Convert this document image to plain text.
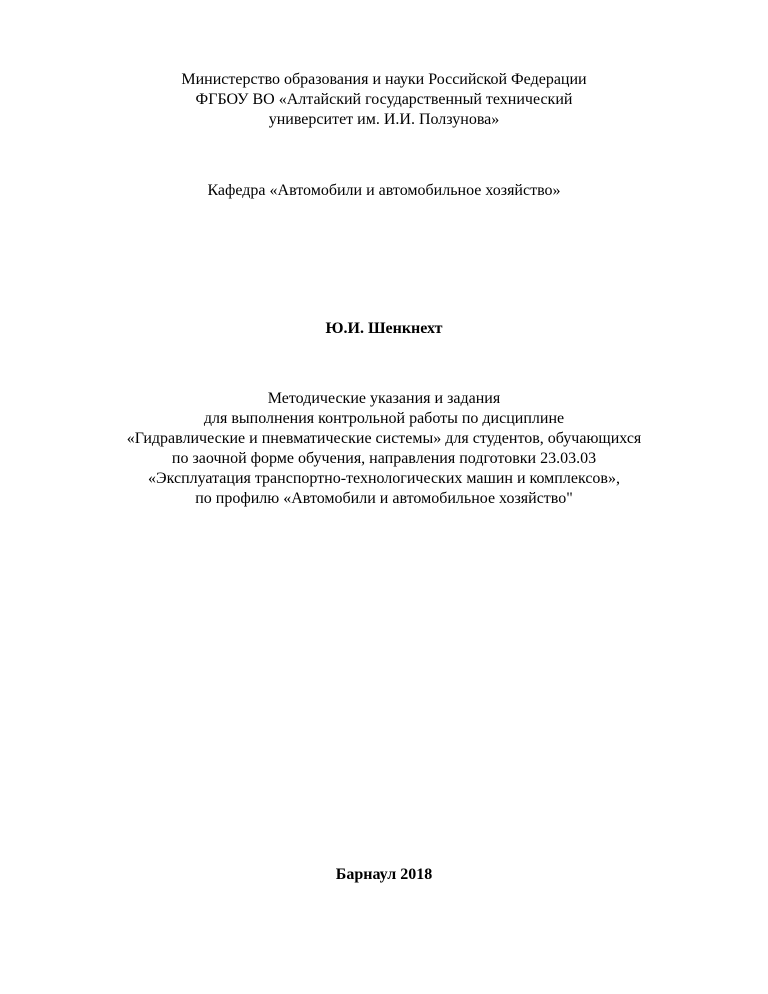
Министерство образования и науки Российской Федерации
ФГБОУ ВО «Алтайский государственный технический
университет им. И.И. Ползунова»
Кафедра «Автомобили и автомобильное хозяйство»
Ю.И. Шенкнехт
Методические указания и задания
для выполнения контрольной работы по дисциплине
«Гидравлические и пневматические системы» для студентов, обучающихся
по заочной форме обучения, направления подготовки 23.03.03
«Эксплуатация транспортно-технологических машин и комплексов»,
по профилю «Автомобили и автомобильное хозяйство"
Барнаул 2018
